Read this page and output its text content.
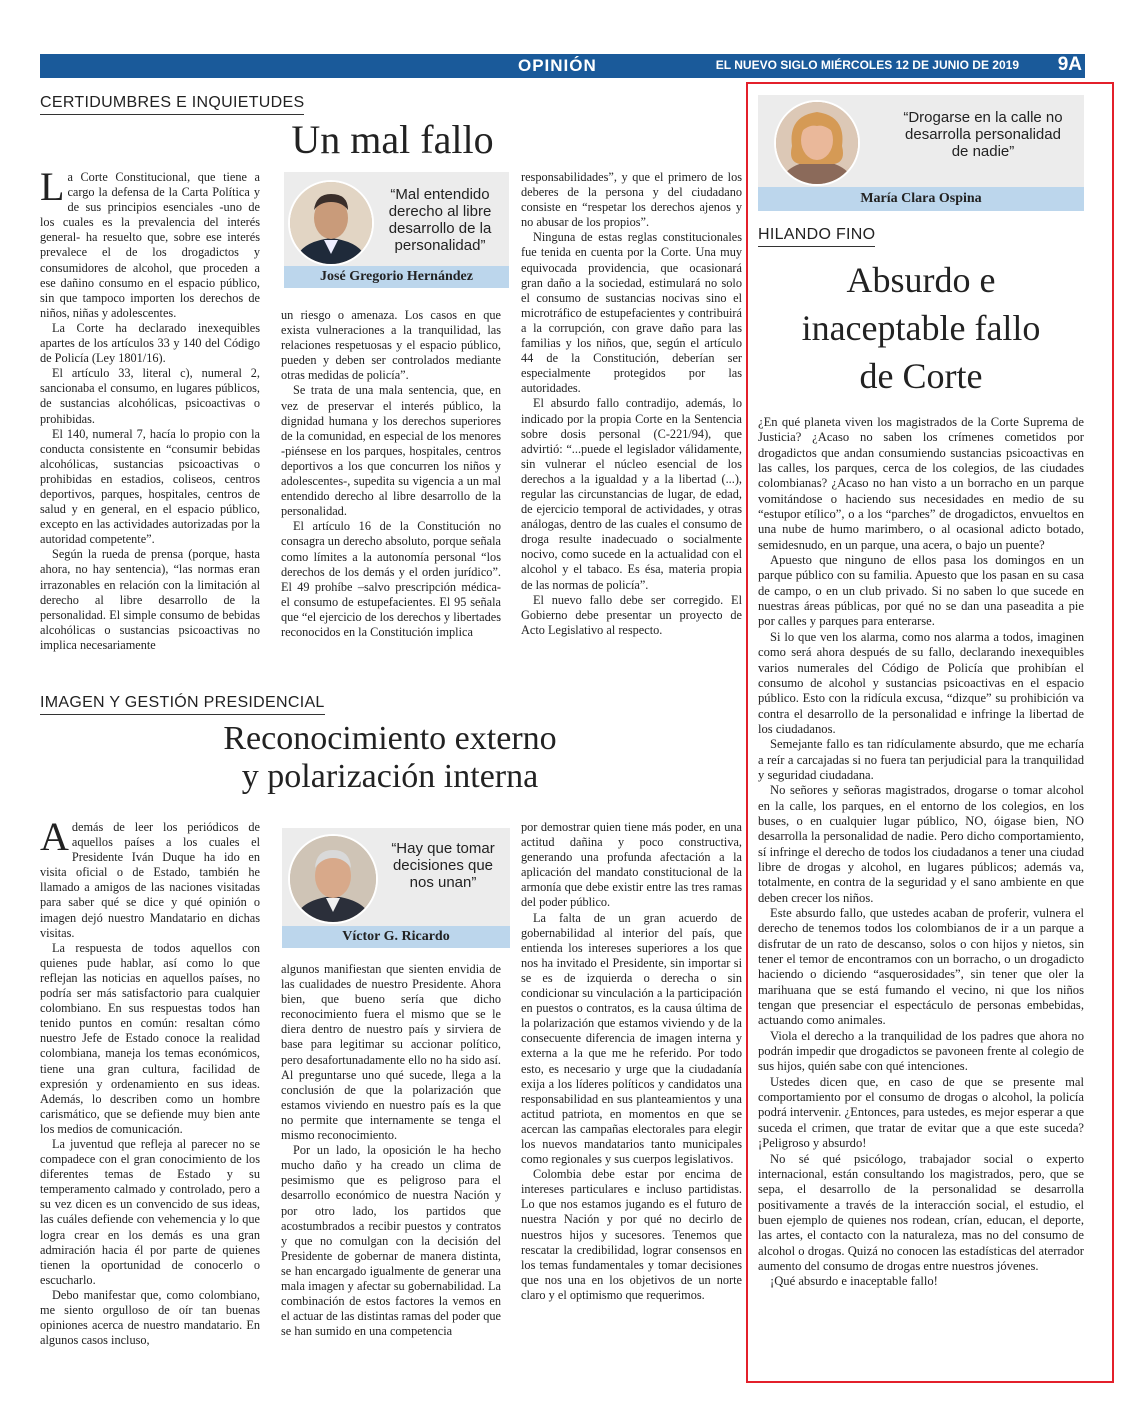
OPINIÓN	EL NUEVO SIGLO MIÉRCOLES 12 DE JUNIO DE 2019 9A
CERTIDUMBRES E INQUIETUDES
Un mal fallo
“Mal entendido derecho al libre desarrollo de la personalidad”
José Gregorio Hernández

La Corte Constitucional, que tiene a cargo la defensa de la Carta Política y de sus principios esenciales -uno de los cuales es la prevalencia del interés general- ha resuelto que, sobre ese interés prevalece el de los drogadictos y consumidores de alcohol, que proceden a ese dañino consumo en el espacio público, sin que tampoco importen los derechos de niños, niñas y adolescentes.

La Corte ha declarado inexequibles apartes de los artículos 33 y 140 del Código de Policía (Ley 1801/16).

El artículo 33, literal c), numeral 2, sancionaba el consumo, en lugares públicos, de sustancias alcohólicas, psicoactivas o prohibidas.

El 140, numeral 7, hacía lo propio con la conducta consistente en “consumir bebidas alcohólicas, sustancias psicoactivas o prohibidas en estadios, coliseos, centros deportivos, parques, hospitales, centros de salud y en general, en el espacio público, excepto en las actividades autorizadas por la autoridad competente”.

Según la rueda de prensa (porque, hasta ahora, no hay sentencia), “las normas eran irrazonables en relación con la limitación al derecho al libre desarrollo de la personalidad. El simple consumo de bebidas alcohólicas o sustancias psicoactivas no implica necesariamente

un riesgo o amenaza. Los casos en que exista vulneraciones a la tranquilidad, las relaciones respetuosas y el espacio público, pueden y deben ser controlados mediante otras medidas de policía”.

Se trata de una mala sentencia, que, en vez de preservar el interés público, la dignidad humana y los derechos superiores de la comunidad, en especial de los menores -piénsese en los parques, hospitales, centros deportivos a los que concurren los niños y adolescentes-, supedita su vigencia a un mal entendido derecho al libre desarrollo de la personalidad.

El artículo 16 de la Constitución no consagra un derecho absoluto, porque señala como límites a la autonomía personal “los derechos de los demás y el orden jurídico”. El 49 prohíbe –salvo prescripción médica- el consumo de estupefacientes. El 95 señala que “el ejercicio de los derechos y libertades reconocidos en la Constitución implica

responsabilidades”, y que el primero de los deberes de la persona y del ciudadano consiste en “respetar los derechos ajenos y no abusar de los propios”.

Ninguna de estas reglas constitucionales fue tenida en cuenta por la Corte. Una muy equivocada providencia, que ocasionará gran daño a la sociedad, estimulará no solo el consumo de sustancias nocivas sino el microtráfico de estupefacientes y contribuirá a la corrupción, con grave daño para las familias y los niños, que, según el artículo 44 de la Constitución, deberían ser especialmente protegidos por las autoridades.

El absurdo fallo contradijo, además, lo indicado por la propia Corte en la Sentencia sobre dosis personal (C-221/94), que advirtió: “...puede el legislador válidamente, sin vulnerar el núcleo esencial de los derechos a la igualdad y a la libertad (...), regular las circunstancias de lugar, de edad, de ejercicio temporal de actividades, y otras análogas, dentro de las cuales el consumo de droga resulte inadecuado o socialmente nocivo, como sucede en la actualidad con el alcohol y el tabaco. Es ésa, materia propia de las normas de policía”.

El nuevo fallo debe ser corregido. El Gobierno debe presentar un proyecto de Acto Legislativo al respecto.

IMAGEN Y GESTIÓN PRESIDENCIAL
Reconocimiento externo
y polarización interna
“Hay que tomar decisiones que nos unan”
Víctor G. Ricardo

Además de leer los periódicos de aquellos países a los cuales el Presidente Iván Duque ha ido en visita oficial o de Estado, también he llamado a amigos de las naciones visitadas para saber qué se dice y qué opinión o imagen dejó nuestro Mandatario en dichas visitas.

La respuesta de todos aquellos con quienes pude hablar, así como lo que reflejan las noticias en aquellos países, no podría ser más satisfactorio para cualquier colombiano. En sus respuestas todos han tenido puntos en común: resaltan cómo nuestro Jefe de Estado conoce la realidad colombiana, maneja los temas económicos, tiene una gran cultura, facilidad de expresión y ordenamiento en sus ideas. Además, lo describen como un hombre carismático, que se defiende muy bien ante los medios de comunicación.

La juventud que refleja al parecer no se compadece con el gran conocimiento de los diferentes temas de Estado y su temperamento calmado y controlado, pero a su vez dicen es un convencido de sus ideas, las cuáles defiende con vehemencia y lo que logra crear en los demás es una gran admiración hacia él por parte de quienes tienen la oportunidad de conocerlo o escucharlo.

Debo manifestar que, como colombiano, me siento orgulloso de oír tan buenas opiniones acerca de nuestro mandatario. En algunos casos incluso,

algunos manifiestan que sienten envidia de las cualidades de nuestro Presidente. Ahora bien, que bueno sería que dicho reconocimiento fuera el mismo que se le diera dentro de nuestro país y sirviera de base para legitimar su accionar político, pero desafortunadamente ello no ha sido así. Al preguntarse uno qué sucede, llega a la conclusión de que la polarización que estamos viviendo en nuestro país es la que no permite que internamente se tenga el mismo reconocimiento.

Por un lado, la oposición le ha hecho mucho daño y ha creado un clima de pesimismo que es peligroso para el desarrollo económico de nuestra Nación y por otro lado, los partidos que acostumbrados a recibir puestos y contratos y que no comulgan con la decisión del Presidente de gobernar de manera distinta, se han encargado igualmente de generar una mala imagen y afectar su gobernabilidad. La combinación de estos factores la vemos en el actuar de las distintas ramas del poder que se han sumido en una competencia

por demostrar quien tiene más poder, en una actitud dañina y poco constructiva, generando una profunda afectación a la aplicación del mandato constitucional de la armonía que debe existir entre las tres ramas del poder público.

La falta de un gran acuerdo de gobernabilidad al interior del país, que entienda los intereses superiores a los que nos ha invitado el Presidente, sin importar si se es de izquierda o derecha o sin condicionar su vinculación a la participación en puestos o contratos, es la causa última de la polarización que estamos viviendo y de la consecuente diferencia de imagen interna y externa a la que me he referido. Por todo esto, es necesario y urge que la ciudadanía exija a los líderes políticos y candidatos una responsabilidad en sus planteamientos y una actitud patriota, en momentos en que se acercan las campañas electorales para elegir los nuevos mandatarios tanto municipales como regionales y sus cuerpos legislativos.

Colombia debe estar por encima de intereses particulares e incluso partidistas. Lo que nos estamos jugando es el futuro de nuestra Nación y por qué no decirlo de nuestros hijos y sucesores. Tenemos que rescatar la credibilidad, lograr consensos en los temas fundamentales y tomar decisiones que nos una en los objetivos de un norte claro y el optimismo que requerimos.

“Drogarse en la calle no desarrolla personalidad de nadie”
María Clara Ospina
HILANDO FINO
Absurdo e
inaceptable fallo
de Corte

¿En qué planeta viven los magistrados de la Corte Suprema de Justicia? ¿Acaso no saben los crímenes cometidos por drogadictos que andan consumiendo sustancias psicoactivas en las calles, los parques, cerca de los colegios, de las ciudades colombianas? ¿Acaso no han visto a un borracho en un parque vomitándose o haciendo sus necesidades en medio de su “estupor etílico”, o a los “parches” de drogadictos, envueltos en una nube de humo marimbero, o al ocasional adicto botado, semidesnudo, en un parque, una acera, o bajo un puente?

Apuesto que ninguno de ellos pasa los domingos en un parque público con su familia. Apuesto que los pasan en su casa de campo, o en un club privado. Si no saben lo que sucede en nuestras áreas públicas, por qué no se dan una paseadita a pie por calles y parques para enterarse.

Si lo que ven los alarma, como nos alarma a todos, imaginen como será ahora después de su fallo, declarando inexequibles varios numerales del Código de Policía que prohibían el consumo de alcohol y sustancias psicoactivas en el espacio público. Esto con la ridícula excusa, “dizque” su prohibición va contra el desarrollo de la personalidad e infringe la libertad de los ciudadanos.

Semejante fallo es tan ridículamente absurdo, que me echaría a reír a carcajadas si no fuera tan perjudicial para la tranquilidad y seguridad ciudadana.

No señores y señoras magistrados, drogarse o tomar alcohol en la calle, los parques, en el entorno de los colegios, en los buses, o en cualquier lugar público, NO, óigase bien, NO desarrolla la personalidad de nadie. Pero dicho comportamiento, sí infringe el derecho de todos los ciudadanos a tener una ciudad libre de drogas y alcohol, en lugares públicos; además va, totalmente, en contra de la seguridad y el sano ambiente en que deben crecer los niños.

Este absurdo fallo, que ustedes acaban de proferir, vulnera el derecho de tenemos todos los colombianos de ir a un parque a disfrutar de un rato de descanso, solos o con hijos y nietos, sin tener el temor de encontramos con un borracho, o un drogadicto haciendo o diciendo “asquerosidades”, sin tener que oler la marihuana que se está fumando el vecino, ni que los niños tengan que presenciar el espectáculo de personas embebidas, actuando como animales.

Viola el derecho a la tranquilidad de los padres que ahora no podrán impedir que drogadictos se pavoneen frente al colegio de sus hijos, quién sabe con qué intenciones.

Ustedes dicen que, en caso de que se presente mal comportamiento por el consumo de drogas o alcohol, la policía podrá intervenir. ¿Entonces, para ustedes, es mejor esperar a que suceda el crimen, que tratar de evitar que a que este suceda? ¡Peligroso y absurdo!

No sé qué psicólogo, trabajador social o experto internacional, están consultando los magistrados, pero, que se sepa, el desarrollo de la personalidad se desarrolla positivamente a través de la interacción social, el estudio, el buen ejemplo de quienes nos rodean, crían, educan, el deporte, las artes, el contacto con la naturaleza, mas no del consumo de alcohol o drogas. Quizá no conocen las estadísticas del aterrador aumento del consumo de drogas entre nuestros jóvenes.

¡Qué absurdo e inaceptable fallo!
